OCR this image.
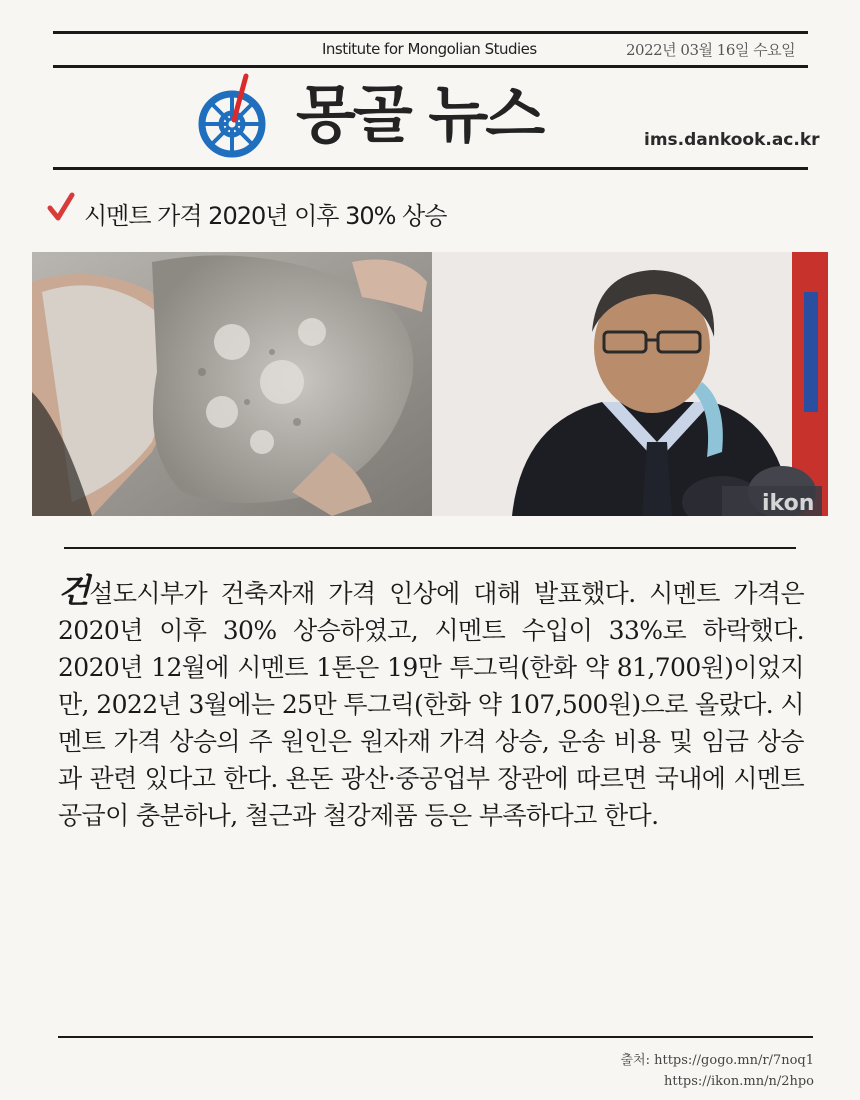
Institute for Mongolian Studies	2022년 03월 16일 수요일
몽골 뉴스	ims.dankook.ac.kr
시멘트 가격 2020년 이후 30% 상승
ikon

건설도시부가 건축자재 가격 인상에 대해 발표했다. 시멘트 가격은 2020년 이후 30% 상승하였고, 시멘트 수입이 33%로 하락했다. 2020년 12월에 시멘트 1톤은 19만 투그릭(한화 약 81,700원)이었지만, 2022년 3월에는 25만 투그릭(한화 약 107,500원)으로 올랐다. 시멘트 가격 상승의 주 원인은 원자재 가격 상승, 운송 비용 및 임금 상승과 관련 있다고 한다. 욘돈 광산·중공업부 장관에 따르면 국내에 시멘트 공급이 충분하나, 철근과 철강제품 등은 부족하다고 한다.

출처: https://gogo.mn/r/7noq1
https://ikon.mn/n/2hpo
